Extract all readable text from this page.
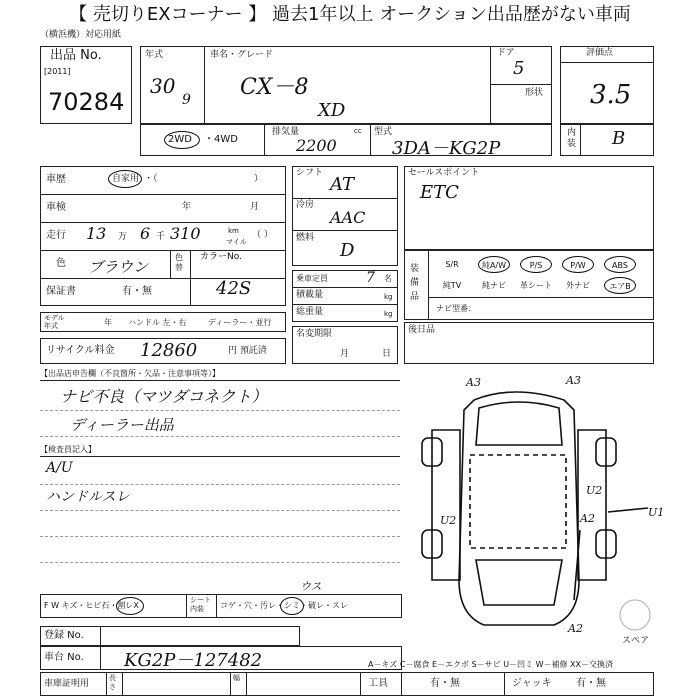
【 売切りEXコーナー 】 過去1年以上 オークション出品歴がない車両
（横浜機）対応用紙
出品 No.
[2011]
70284
年式
30
9
車名・グレード
CX－8
XD
ドア
5
形状
評価点
3.5
内装 B
2WD ・4WD
排気量	cc
2200
型式
3DA－KG2P
車歴	自家用 ・（	）
車検	年	月
走行 13 万 6 千 310	km
マイル
（ ）
色 ブラウン
色替
カラーNo.
42S
保証書	有・無
モデル年式	年 ハンドル 左・右	ディーラー・並行
リサイクル料金 12860	円 預託済
シフト
AT
冷房
AAC
燃料
D
乗車定員	7 名
積載量	kg
総重量	kg
名変期限
月	日
セールスポイント
ETC
装備品
S/R	純A/W	P/S	P/W	ABS
純TV	純ナビ	革シート	外ナビ	エアB
ナビ型番：
後日品
【出品店申告欄（不良箇所・欠品・注意事項等）】
ナビ不良（マツダコネクト）
ディーラー出品
【検査員記入】
A/U
ハンドルスレ
F W キズ・ヒビ石・割レX
シート内装	コゲ・穴・汚レ・シミ・破レ・スレ
ウス
登録 No.
車台 No. KG2P－127482
車庫証明用
長さ
幅
A－キズ C－腐食 E－エクボ S－サビ U－凹ミ W－補修 XX－交換済
工具	有・無	ジャッキ 有・無
A3	A3
U2
U2
A2
A2
U1
スペア
